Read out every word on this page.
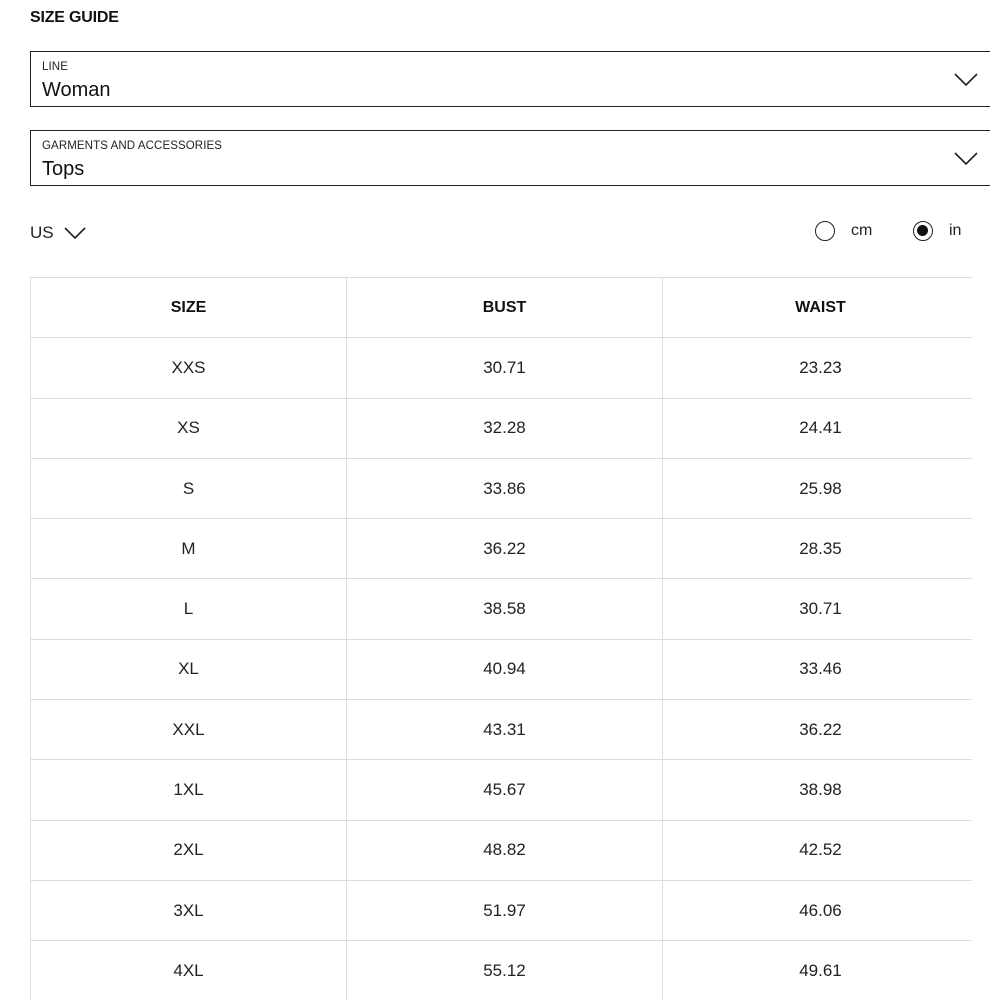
SIZE GUIDE
LINE
Woman
GARMENTS AND ACCESSORIES
Tops
US	cm	in
SIZE	BUST	WAIST
XXS	30.71	23.23
XS	32.28	24.41
S	33.86	25.98
M	36.22	28.35
L	38.58	30.71
XL	40.94	33.46
XXL	43.31	36.22
1XL	45.67	38.98
2XL	48.82	42.52
3XL	51.97	46.06
4XL	55.12	49.61
